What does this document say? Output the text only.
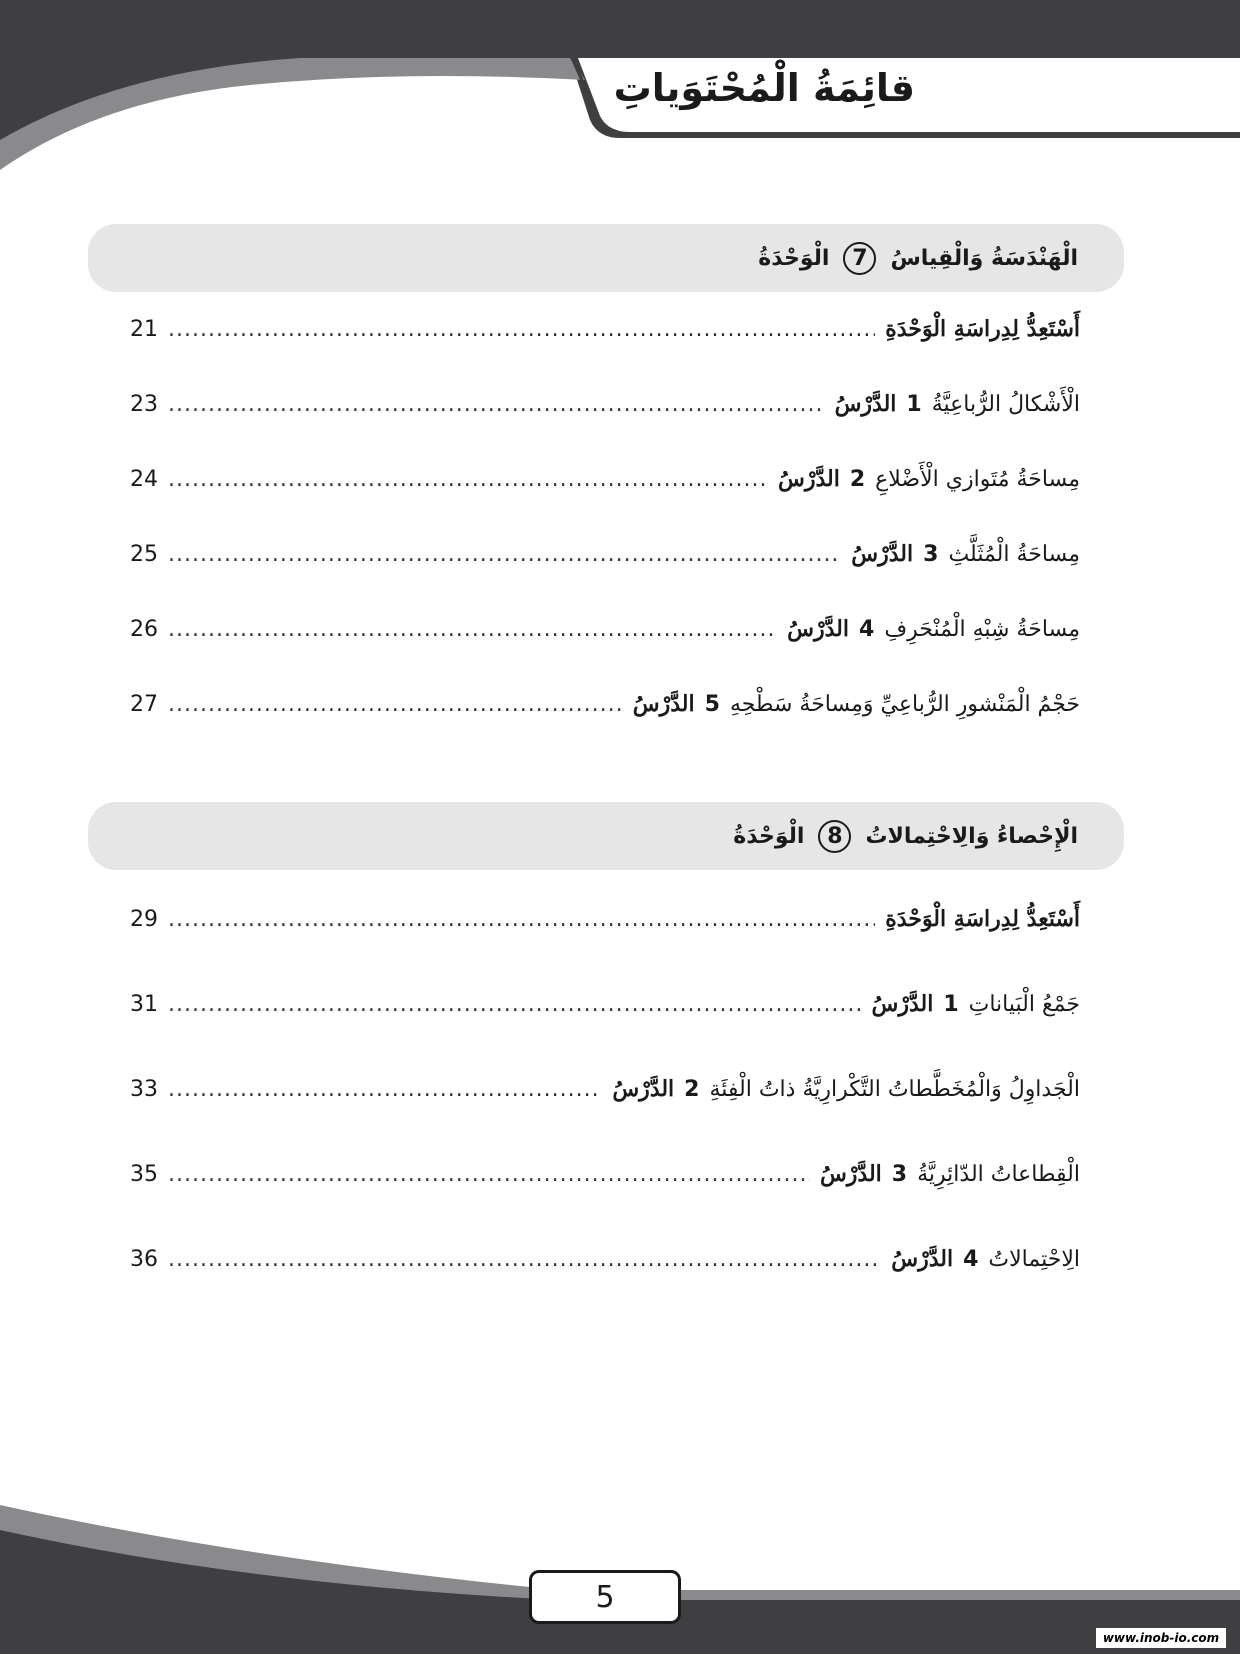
قائِمَةُ الْمُحْتَوَياتِ
الْوَحْدَةُ	7	الْهَنْدَسَةُ وَالْقِياسُ
21 .....	أَسْتَعِدُّ لِدِراسَةِ الْوَحْدَةِ
23 .....	الدَّرْسُ 1 الْأَشْكالُ الرُّباعِيَّةُ
24 .....	الدَّرْسُ 2 مِساحَةُ مُتَوازي الْأَضْلاعِ
25 .....	الدَّرْسُ 3 مِساحَةُ الْمُثَلَّثِ
26 .....	الدَّرْسُ 4 مِساحَةُ شِبْهِ الْمُنْحَرِفِ
27 .....	الدَّرْسُ 5 حَجْمُ الْمَنْشورِ الرُّباعِيِّ وَمِساحَةُ سَطْحِهِ
الْوَحْدَةُ	8	الْإِحْصاءُ وَالِاحْتِمالاتُ
29 .....	أَسْتَعِدُّ لِدِراسَةِ الْوَحْدَةِ
31 .....	الدَّرْسُ 1 جَمْعُ الْبَياناتِ
33 .....	الدَّرْسُ 2 الْجَداوِلُ وَالْمُخَطَّطاتُ التَّكْرارِيَّةُ ذاتُ الْفِئَةِ
35 .....	الدَّرْسُ 3 الْقِطاعاتُ الدّائِرِيَّةُ
36 .....	الدَّرْسُ 4 الِاحْتِمالاتُ
5
www.inob-io.com
